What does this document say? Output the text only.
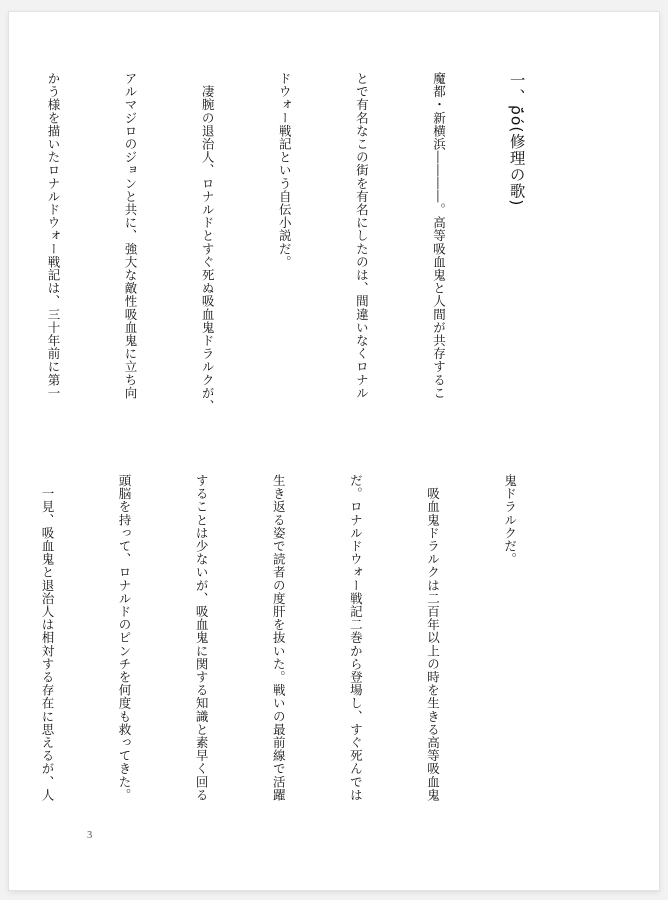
一、ρ̈́ó(修理の歌)

魔都・新横浜――――。高等吸血鬼と人間が共存するこ

とで有名なこの街を有名にしたのは、間違いなくロナル

ドウォー戦記という自伝小説だ。

　凄腕の退治人、ロナルドとすぐ死ぬ吸血鬼ドラルクが、

アルマジロのジョンと共に、強大な敵性吸血鬼に立ち向

かう様を描いたロナルドウォー戦記は、三十年前に第一

鬼ドラルクだ。

　吸血鬼ドラルクは二百年以上の時を生きる高等吸血鬼

だ。ロナルドウォー戦記二巻から登場し、すぐ死んでは

生き返る姿で読者の度肝を抜いた。戦いの最前線で活躍

することは少ないが、吸血鬼に関する知識と素早く回る

頭脳を持って、ロナルドのピンチを何度も救ってきた。

　一見、吸血鬼と退治人は相対する存在に思えるが、人

3
